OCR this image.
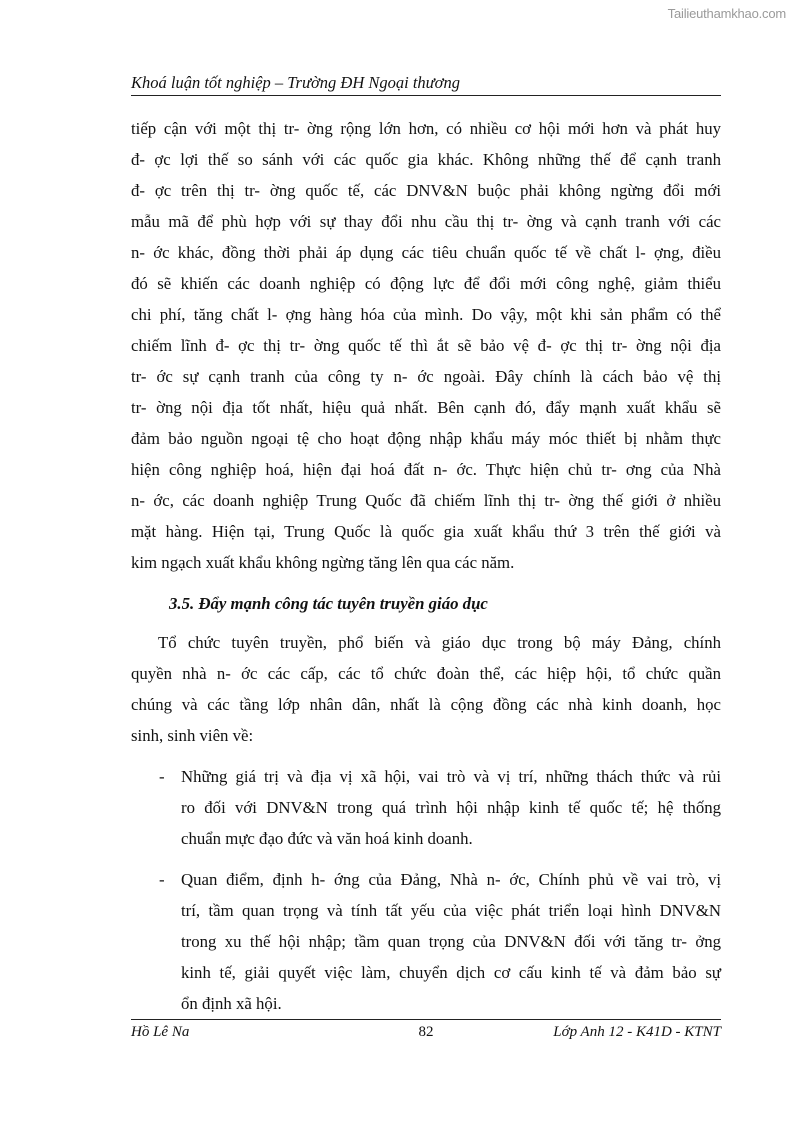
Tailieuthamkhao.com
Khoá luận tốt nghiệp – Trường ĐH Ngoại thương
tiếp cận với một thị tr- ờng rộng lớn hơn, có nhiều cơ hội mới hơn và phát huy
đ- ợc lợi thế so sánh với các quốc gia khác. Không những thế để cạnh tranh
đ- ợc trên thị tr- ờng quốc tế, các DNV&N buộc phải không ngừng đổi mới
mẫu mã để phù hợp với sự thay đổi nhu cầu thị tr- ờng và cạnh tranh với các
n- ớc khác, đồng thời phải áp dụng các tiêu chuẩn quốc tế về chất l- ợng, điều
đó sẽ khiến các doanh nghiệp có động lực để đổi mới công nghệ, giảm thiểu
chi phí, tăng chất l- ợng hàng hóa của mình. Do vậy, một khi sản phẩm có thể
chiếm lĩnh đ- ợc thị tr- ờng quốc tế thì ắt sẽ bảo vệ đ- ợc thị tr- ờng nội địa
tr- ớc sự cạnh tranh của công ty n- ớc ngoài. Đây chính là cách bảo vệ thị
tr- ờng nội địa tốt nhất, hiệu quả nhất. Bên cạnh đó, đẩy mạnh xuất khẩu sẽ
đảm bảo nguồn ngoại tệ cho hoạt động nhập khẩu máy móc thiết bị nhằm thực
hiện công nghiệp hoá, hiện đại hoá đất n- ớc. Thực hiện chủ tr- ơng của Nhà
n- ớc, các doanh nghiệp Trung Quốc đã chiếm lĩnh thị tr- ờng thế giới ở nhiều
mặt hàng. Hiện tại, Trung Quốc là quốc gia xuất khẩu thứ 3 trên thế giới và
kim ngạch xuất khẩu không ngừng tăng lên qua các năm.
3.5. Đẩy mạnh công tác tuyên truyền giáo dục
Tổ chức tuyên truyền, phổ biến và giáo dục trong bộ máy Đảng, chính
quyền nhà n- ớc các cấp, các tổ chức đoàn thể, các hiệp hội, tổ chức quần
chúng và các tầng lớp nhân dân, nhất là cộng đồng các nhà kinh doanh, học
sinh, sinh viên về:
- Những giá trị và địa vị xã hội, vai trò và vị trí, những thách thức và rủi
ro đối với DNV&N trong quá trình hội nhập kinh tế quốc tế; hệ thống
chuẩn mực đạo đức và văn hoá kinh doanh.
- Quan điểm, định h- ớng của Đảng, Nhà n- ớc, Chính phủ về vai trò, vị
trí, tầm quan trọng và tính tất yếu của việc phát triển loại hình DNV&N
trong xu thế hội nhập; tầm quan trọng của DNV&N đối với tăng tr- ởng
kinh tế, giải quyết việc làm, chuyển dịch cơ cấu kinh tế và đảm bảo sự
ổn định xã hội.
Hồ Lê Na	82	Lớp Anh 12 - K41D - KTNT
